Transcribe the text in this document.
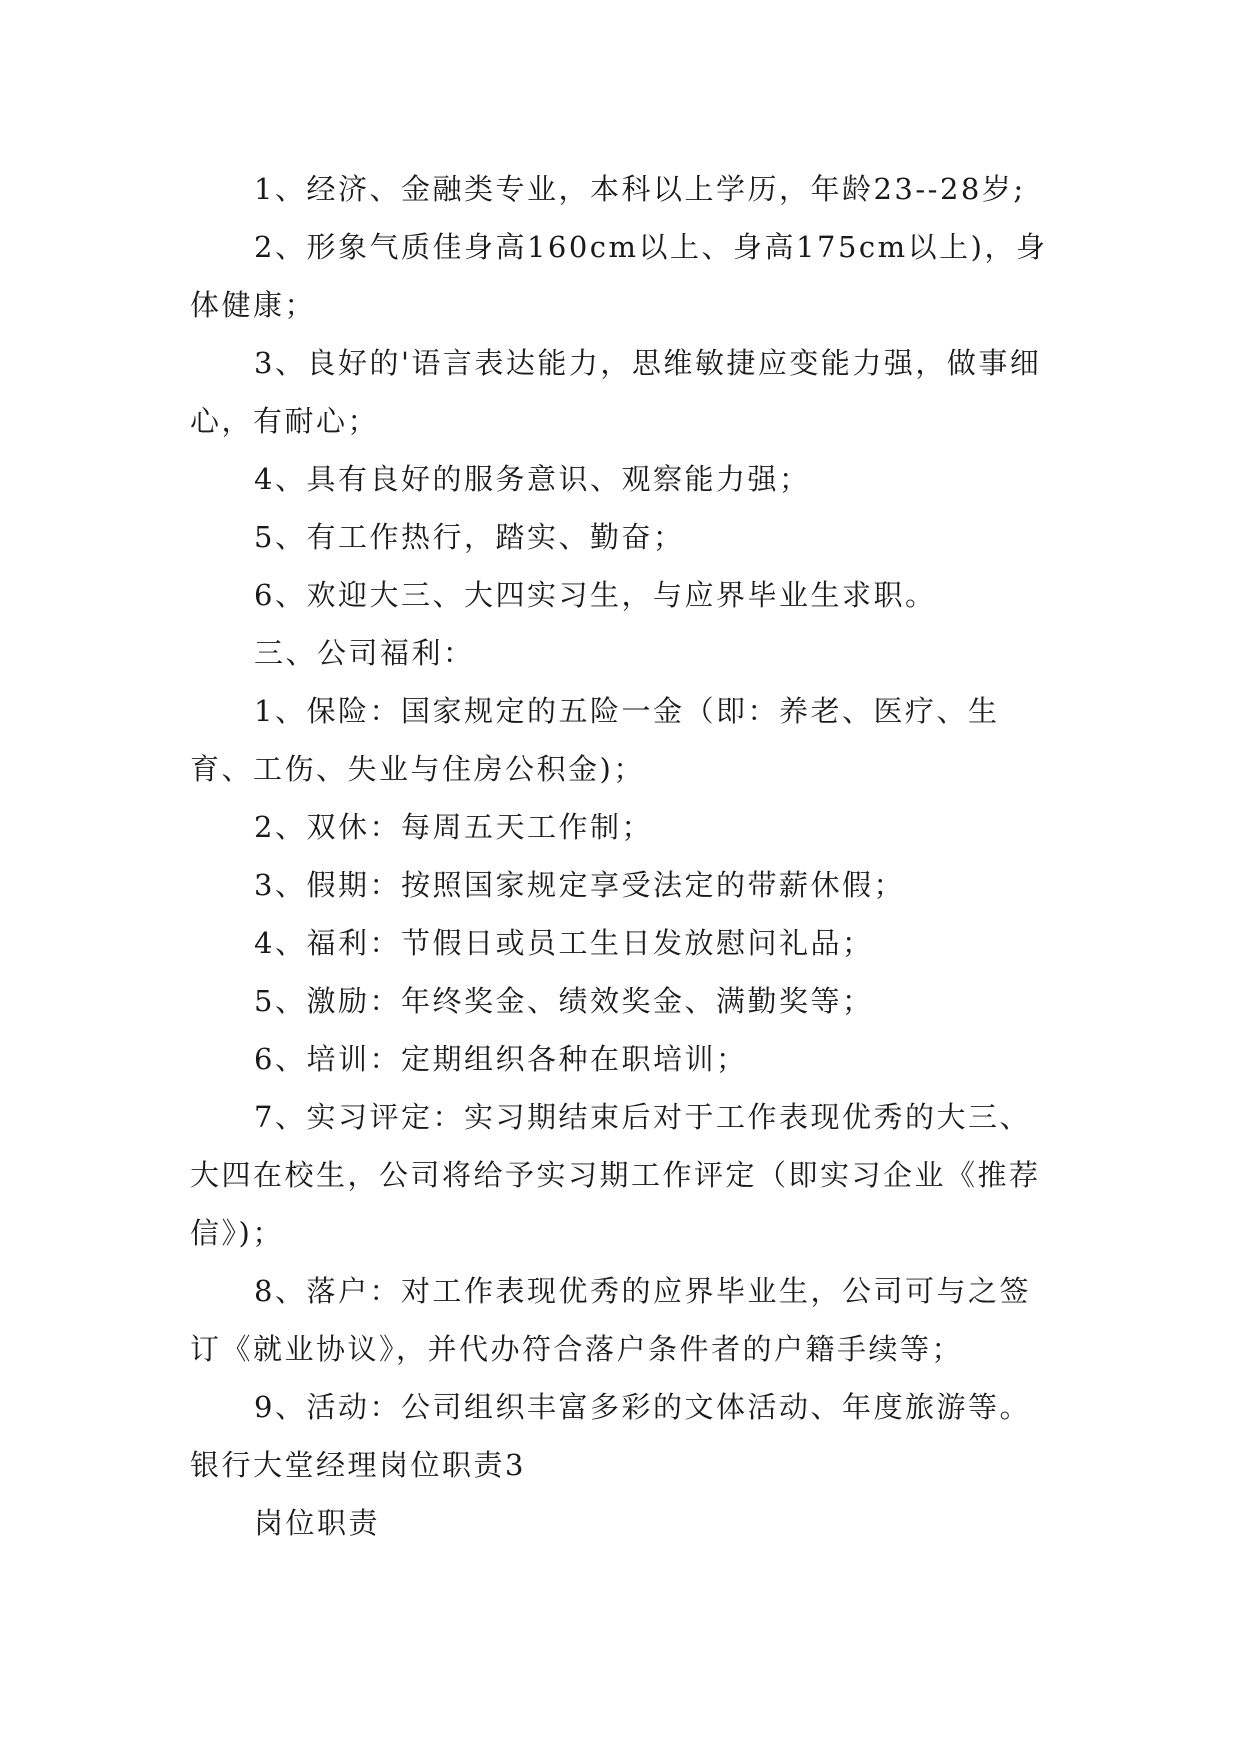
1、经济、金融类专业，本科以上学历，年龄23--28岁;

2、形象气质佳身高160cm以上、身高175cm以上)，身体健康；

3、良好的'语言表达能力，思维敏捷应变能力强，做事细心，有耐心；

4、具有良好的服务意识、观察能力强；

5、有工作热行，踏实、勤奋；

6、欢迎大三、大四实习生，与应界毕业生求职。

三、公司福利：

1、保险：国家规定的五险一金（即：养老、医疗、生育、工伤、失业与住房公积金)；

2、双休：每周五天工作制；

3、假期：按照国家规定享受法定的带薪休假；

4、福利：节假日或员工生日发放慰问礼品；

5、激励：年终奖金、绩效奖金、满勤奖等；

6、培训：定期组织各种在职培训；

7、实习评定：实习期结束后对于工作表现优秀的大三、大四在校生，公司将给予实习期工作评定（即实习企业《推荐信》)；

8、落户：对工作表现优秀的应界毕业生，公司可与之签订《就业协议》，并代办符合落户条件者的户籍手续等；

9、活动：公司组织丰富多彩的文体活动、年度旅游等。

银行大堂经理岗位职责3

岗位职责
